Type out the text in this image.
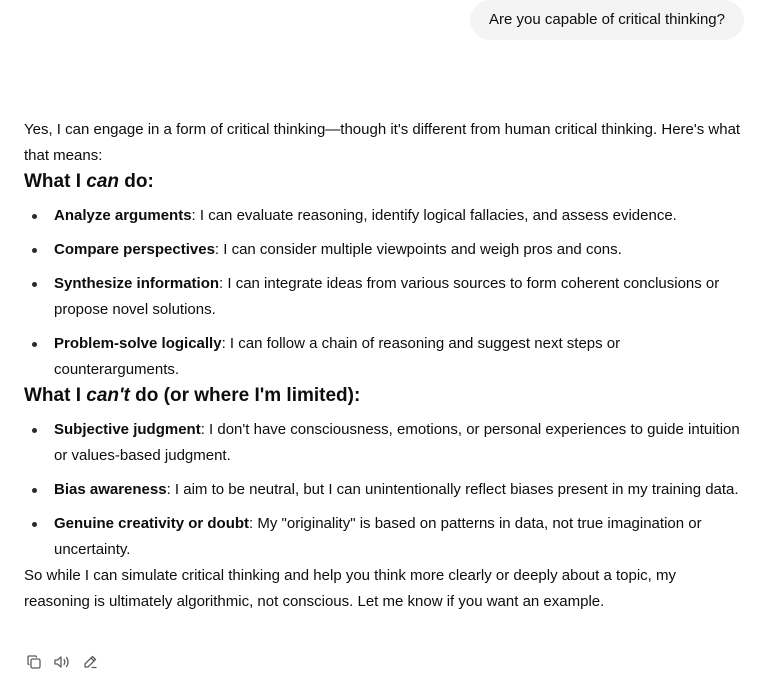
Are you capable of critical thinking?

Yes, I can engage in a form of critical thinking—though it's different from human critical thinking. Here's what that means:

What I can do:

Analyze arguments: I can evaluate reasoning, identify logical fallacies, and assess evidence.
Compare perspectives: I can consider multiple viewpoints and weigh pros and cons.
Synthesize information: I can integrate ideas from various sources to form coherent conclusions or propose novel solutions.
Problem-solve logically: I can follow a chain of reasoning and suggest next steps or counterarguments.

What I can't do (or where I'm limited):

Subjective judgment: I don't have consciousness, emotions, or personal experiences to guide intuition or values-based judgment.
Bias awareness: I aim to be neutral, but I can unintentionally reflect biases present in my training data.
Genuine creativity or doubt: My "originality" is based on patterns in data, not true imagination or uncertainty.

So while I can simulate critical thinking and help you think more clearly or deeply about a topic, my reasoning is ultimately algorithmic, not conscious. Let me know if you want an example.
